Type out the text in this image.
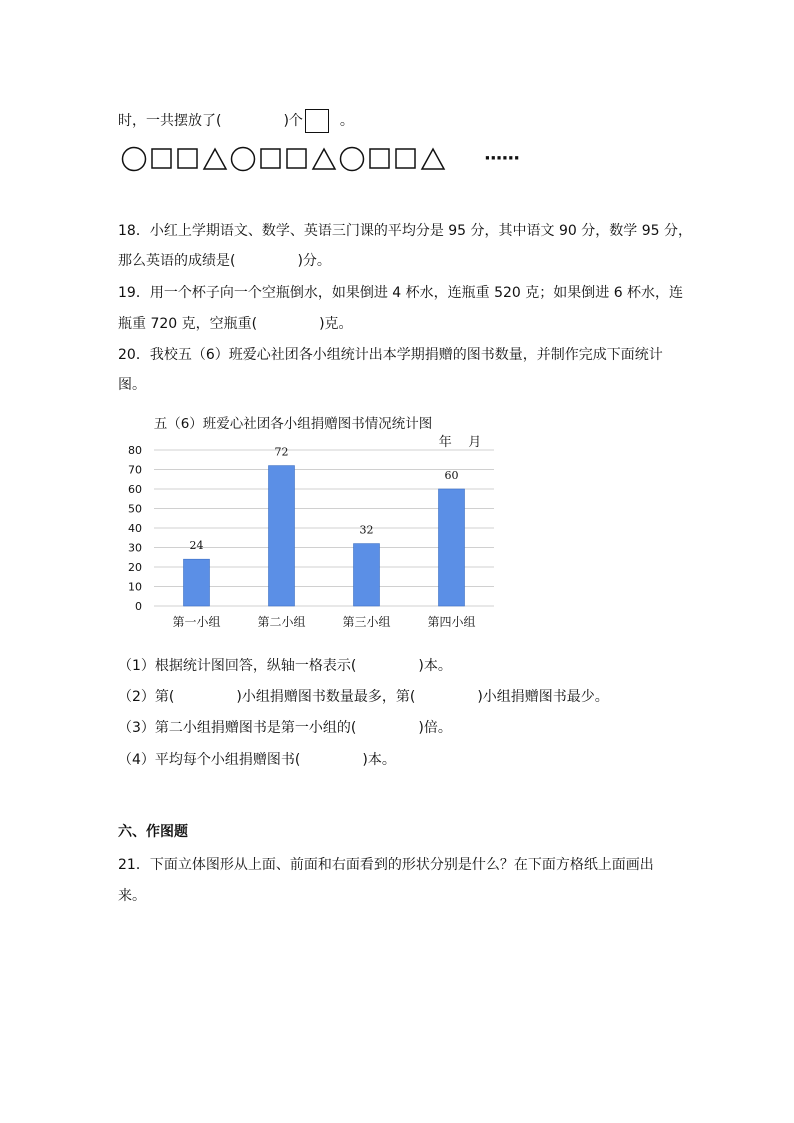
时，一共摆放了(	)个	。
······
18．小红上学期语文、数学、英语三门课的平均分是 95 分，其中语文 90 分，数学 95 分，
那么英语的成绩是(	)分。
19．用一个杯子向一个空瓶倒水，如果倒进 4 杯水，连瓶重 520 克；如果倒进 6 杯水，连
瓶重 720 克，空瓶重(	)克。
20．我校五（6）班爱心社团各小组统计出本学期捐赠的图书数量，并制作完成下面统计
图。
五（6）班爱心社团各小组捐赠图书情况统计图
年    月
0
10
20
30
40
50
60
70
80
24
72
32
60
第一小组	第二小组	第三小组	第四小组
（1）根据统计图回答，纵轴一格表示(	)本。
（2）第(	)小组捐赠图书数量最多，第(	)小组捐赠图书最少。
（3）第二小组捐赠图书是第一小组的(	)倍。
（4）平均每个小组捐赠图书(	)本。
六、作图题
21．下面立体图形从上面、前面和右面看到的形状分别是什么？在下面方格纸上面画出
来。
